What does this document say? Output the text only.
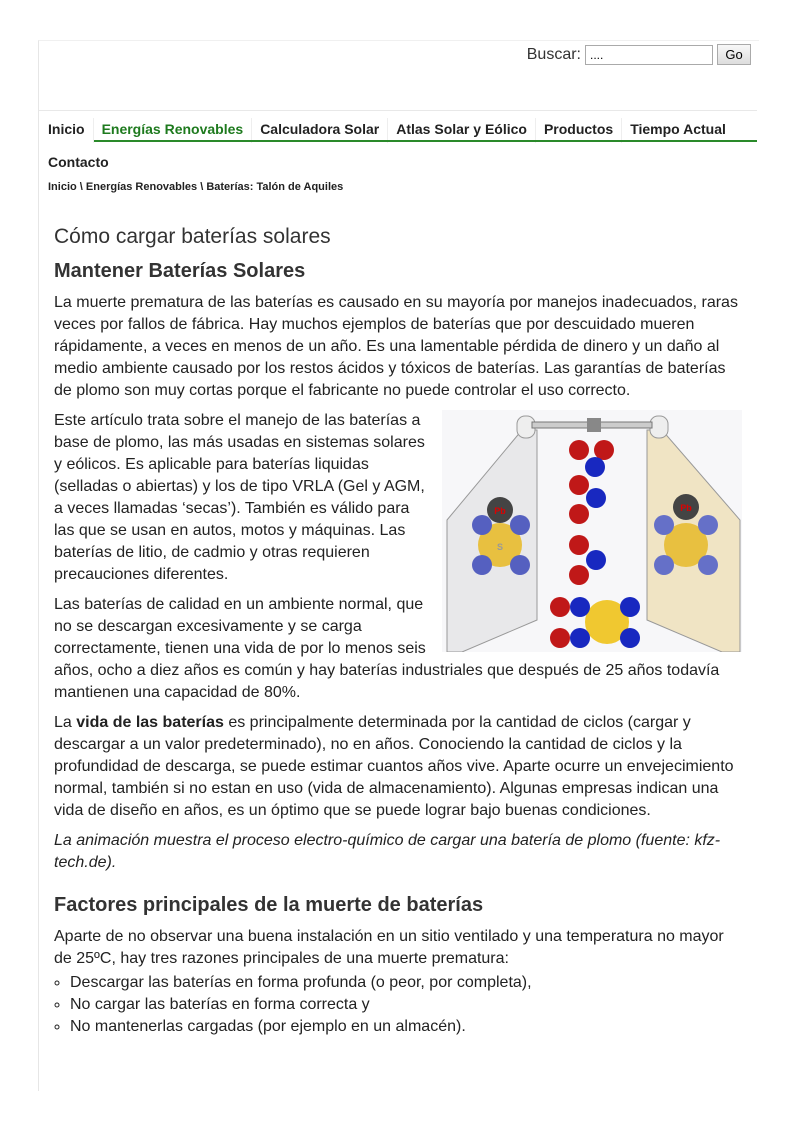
Buscar:
....	Go
Inicio	Energías Renovables	Calculadora Solar	Atlas Solar y Eólico	Productos	Tiempo Actual
Contacto
Inicio \ Energías Renovables \ Baterías: Talón de Aquiles
Cómo cargar baterías solares
Mantener Baterías Solares

La muerte prematura de las baterías es causado en su mayoría por manejos inadecuados, raras veces por fallos de fábrica. Hay muchos ejemplos de baterías que por descuidado mueren rápidamente, a veces en menos de un año. Es una lamentable pérdida de dinero y un daño al medio ambiente causado por los restos ácidos y tóxicos de baterías. Las garantías de baterías de plomo son muy cortas porque el fabricante no puede controlar el uso correcto.

Pb
S
Pb

Este artículo trata sobre el manejo de las baterías a base de plomo, las más usadas en sistemas solares y eólicos. Es aplicable para baterías liquidas (selladas o abiertas) y los de tipo VRLA (Gel y AGM, a veces llamadas ‘secas’). También es válido para las que se usan en autos, motos y máquinas. Las baterías de litio, de cadmio y otras requieren precauciones diferentes.

Las baterías de calidad en un ambiente normal, que no se descargan excesivamente y se carga correctamente, tienen una vida de por lo menos seis años, ocho a diez años es común y hay baterías industriales que después de 25 años todavía mantienen una capacidad de 80%.

La vida de las baterías es principalmente determinada por la cantidad de ciclos (cargar y descargar a un valor predeterminado), no en años. Conociendo la cantidad de ciclos y la profundidad de descarga, se puede estimar cuantos años vive. Aparte ocurre un envejecimiento normal, también si no estan en uso (vida de almacenamiento). Algunas empresas indican una vida de diseño en años, es un óptimo que se puede lograr bajo buenas condiciones.

La animación muestra el proceso electro-químico de cargar una batería de plomo (fuente: kfz-tech.de).

Factores principales de la muerte de baterías

Aparte de no observar una buena instalación en un sitio ventilado y una temperatura no mayor de 25ºC, hay tres razones principales de una muerte prematura:

◦ Descargar las baterías en forma profunda (o peor, por completa),
◦ No cargar las baterías en forma correcta y
◦ No mantenerlas cargadas (por ejemplo en un almacén).
